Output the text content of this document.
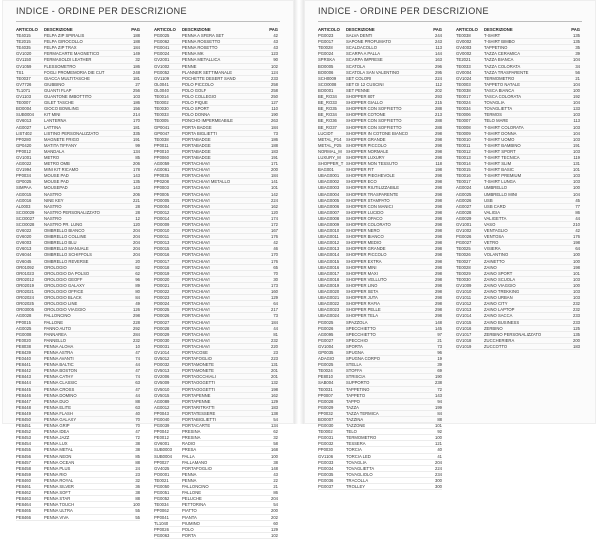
INDICE - ORDINE PER DESCRIZIONE
ARTICOLO	DESCRIZIONE	PAG
TE4015	FELPA ZIP SPIRALIS	188
TE2015	FELPA GIROCOLLO	188
TE4035	FELPA ZIP TRAX	184
GV1020	FERMACARTE MAGNETICO	149
GV1150	FERMASOLDI LEATHER	32
GV1059	FLESSOMETRO	186
TS1	FOGLI PROMEMORIA DIE CUT	248
TE0037	GIACCA MULTITASCHE	181
GV7726	GIUBBINO	27
TL1071	GUANTI FLAP	256
GV1103	GUANTONE IMBOTTITO	103
TE0007	GILET TASCHE	186
BO0004	GIOCO BOWLING	156
SUB0004	KIT MINI	214
GV6013	LANTERNA	170
AG0027	LATTINA	181
LIST402	LISTINO PERSONALIZZATO	335
PP0280	MAGNETE FRIGO	191
GP0420	MATITA TIFFANY	99
PP0012	MANDALA	134
GV1001	METRO	85
AG0022	METRO OMB	206
GV1994	MINI KIT RICAMO	178
PP0034	MOUSE PAD	143
GP0025	MOUSE PAD	135
SIMPAA	MOUSEPAD	143
AG0015	NASTRO	206
AG0016	NINE KEY	221
AL0003	NASTRO	28
SCO0029	NASTRO PERSONALIZZATO	28
SCO0027	NASTRO	12
SCO0028	NASTRO PR. LUNG	120
GV6022	OMBRELLO BIANCO	204
GV6020	OMBRELLO COLLINE	204
GV6003	OMBRELLO BLU	204
GV6013	OMBRELLO MANUALE	204
GV6044	OMBRELLO SCHIFFOLS	204
GV6045	OMBRELLO REVERSE	20
OR01092	OROLOGIO	82
OR01023	OROLOGIO DA POLSO	62
OR02012	OROLOGIO GEOFF	96
OR02019	OROLOGIO GALAXY	89
OR02021	OROLOGIO OFFICE	80
OR02024	OROLOGIO BLACK	84
OR02025	OROLOGIO LINE	49
OR03005	OROLOGIO VIAGGIO	126
AG0028	PALLONCINO	298
PP0015	PALLONE	228
AG0025	PANNO AUTO	292
PG0008	PANNAREA	284
PE0020	PANNELLO	232
PE8038	PENNA ALOHA	10
PE8439	PENNA ASTRA	47
PE0440	PENNA AVANTI	74
PE8441	PENNA BALTIC	44
PE8442	PENNA BOSTON	47
PE8443	PENNA CATHY	74
PE8444	PENNA CLASSIC	63
PE8445	PENNA CROSS	47
PE8446	PENNA DOMINO	44
PE8447	PENNA DUO	88
PE8448	PENNA ELITE	63
PE8449	PENNA FLASH	40
PE8450	PENNA GALAXY	70
PE8451	PENNA GRIP	70
PE8452	PENNA IDEA	47
PE8453	PENNA JAZZ	72
PE8454	PENNA LUX	38
PE8455	PENNA METAL	38
PE8456	PENNA NEON	85
PE8457	PENNA OCEAN	88
PE8458	PENNA PLUS	24
PE8459	PENNA RIO	23
PE8460	PENNA ROYAL	32
PE8461	PENNA SILVER	36
PE8462	PENNA SOFT	38
PE8463	PENNA STAR	88
PE8464	PENNA TOUCH	100
PE8465	PENNA ULTRA	55
PE8466	PENNA VIVA	55
ARTICOLO	DESCRIZIONE	PAG
PG0025	PENNA A SFERA SET	42
PG0062	PENNA ROSSETTO	43
PG0041	PENNA ROSETTO	43
PG0024	PENNA MK	123
GV2001	PENNA METALLICA	90
GV1002	PENNE	102
PG0052	PLANNER SETTIMANALE	124
GV1109	POCHETTE DESERT SAND	233
OL0041	POLO PICCOLO	258
OL0040	POLO GOLF	258
TE0014	POLO COLLEGIO	250
TE0002	POLO PIQUE	127
TE0030	POLO SPORT	110
TE0033	POLO DONNA	190
TE0005	PONCHO IMPERMEABILE	263
GP0041	PORTA BADGE	184
GP0047	PORTA BIGLIETTI	73
TE0038	PORTABADGE	186
PP0011	PORTABADGE	188
PP0010	PORTABADGE	183
PP0060	PORTABADGE	191
AG0059	PORTACHIAVI	171
AG0061	PORTACHIAVI	200
PP0035	PORTACHIAVI	184
PP0208	PORTACHIAVI METALLO	141
PP0003	PORTACHIAVI	101
PP0005	PORTACHIAVI	142
PO0005	PORTACHIAVI	224
PO0004	PORTACHIAVI	162
PO0012	PORTACHIAVI	120
PO0014	PORTACHIAVI	174
PO0009	PORTACHIAVI	172
PO0010	PORTACHIAVI	167
PO0011	PORTACHIAVI	176
PO0013	PORTACHIAVI	42
PO0015	PORTACHIAVI	46
PO0016	PORTACHIAVI	170
PO0017	PORTACHIAVI	176
PO0018	PORTACHIAVI	65
PO0019	PORTACHIAVI	70
PO0020	PORTACHIAVI	30
PO0021	PORTACHIAVI	173
PO0022	PORTACHIAVI	160
PO0023	PORTACHIAVI	129
PO0024	PORTACHIAVI	64
PO0025	PORTACHIAVI	217
PO0026	PORTACHIAVI	73
PO0027	PORTACHIAVI	184
PO0028	PORTACHIAVI	44
PO0029	PORTACHIAVI	81
PO0030	PORTACHIAVI	232
PO0031	PORTACHIAVI	220
GV1014	PORTACOSE	23
GV5012	PORTAFOGLIO	223
PO0032	PORTAMONETE	131
GV5013	PORTAMONETE	201
GV2006	PORTAOCCHIALI	201
GV5009	PORTAOGGETTI	132
GV5010	PORTAOGGETTI	198
GV5015	PORTAPENNE	162
AG0089	PORTAPENNE	129
AG0012	PORTARITRATTI	183
PP0043	PORTATESSERE	138
PG0040	PORTABIGLIETTI	54
PG0039	PORTACARTE	134
PP0042	PRESINA	62
PE0012	PRESINA	32
GV6001	RADIO	58
SUB0003	PRESA	168
SUB0004	PALLA	100
PP0027	PALLAMANO	38
GV4025	PORTAFOGLIO	148
PO0001	PENNA	43
TE0021	PENNA	22
PG0050	PALLONCINO	21
PG0051	PALLONE	86
PG0052	PELUCHE	204
TE0034	PETTORINA	54
PP0062	PIATTO	200
PP0041	PIANTA	202
TL1040	PIUMINO	60
PP0026	POLO	129
PG0063	PORTA	102
INDICE - ORDINE PER DESCRIZIONE
ARTICOLO	DESCRIZIONE	PAG
PG0023	SALVA DENTI	244
PG0017	SAPONE PROFUMATO	243
TE0028	SCALDACOLLO	113
PG0024	SCARPA A PALLA	144
SPRSKA	SCARPA IMPRESE	163
BO0005	SCATOLA	296
BO0006	SCATOLA SAN VALENTINO	295
SCH0009	SET COLORI	224
SCO0008	SET DI 12 CUSCINI	112
BO0001	SET PENNE	202
BE_RO34	SHOPPER 80T	293
BE_RO33	SHOPPER GIALLO	215
BE_RO35	SHOPPER CON SOFFIETTO	288
BE_RO34	SHOPPER COTONE	213
BE_RO36	SHOPPER CON SOFFIETTO	288
BE_RO37	SHOPPER CON SOFFIETTO	288
LUCIDT	SHOPPER IN COTONE BIANCO	298
METAL_P14	SHOPPER GRANDE	298
METAL_P25	SHOPPER PICCOLO	298
NORMAL_M	SHOPPER NORMALE	298
LUXURY_M	SHOPPER LUXURY	298
SHOPPER_T SHOPPER NON TESSUTO	118
BAG001	SHOPPER FIT	198
UBAG0001	SHOPPER PIEGHEVOLE	298
UBAG0002	SHOPPER ECO	298
UBAG0003	SHOPPER RIUTILIZZABILE	298
UBAG0004	SHOPPER TRASPARENTE	298
UBAG0005	SHOPPER STAMPATO	298
UBAG0006	SHOPPER CON MANICI	298
UBAG0007	SHOPPER LUCIDO	298
UBAG0008	SHOPPER OPACO	298
UBAG0009	SHOPPER COLORATO	298
UBAG0010	SHOPPER NERO	298
UBAG0011	SHOPPER BIANCO	298
UBAG0012	SHOPPER MEDIO	298
UBAG0013	SHOPPER GRANDE	298
UBAG0014	SHOPPER PICCOLO	298
UBAG0015	SHOPPER EXTRA	298
UBAG0016	SHOPPER MINI	298
UBAG0017	SHOPPER MAXI	298
UBAG0018	SHOPPER VELLUTO	298
UBAG0019	SHOPPER LINO	298
UBAG0020	SHOPPER SETA	298
UBAG0021	SHOPPER JUTA	298
UBAG0022	SHOPPER RAFIA	298
UBAG0023	SHOPPER PELLE	298
UBAG0024	SHOPPER TELA	298
PG0025	SPAZZOLA	148
PG0026	SPECCHIETTO	145
AG0095	SPECCHIETTO	97
PG0027	SPECCHIO	21
GV1004	SPORTA	73
GP0035	SPUGNA	96
ADAGIO	SPUGNA CORPO	19
PG0025	STELLA	39
TE0024	STOFFA	69
PE8010	STRISCIA	190
SAB004	SUPPORTO	238
TE0031	TAPPETINO	72
PP0007	TAPPETO	143
PG0028	TAPPO	94
PG0029	TAZZA	199
PP0032	TAZZA TERMICA	84
BO0007	TAZZINA	88
PG0030	TAZZONE	101
TE0002	TELO	92
PG0031	TERMOMETRO	100
PG0032	TESSERA	121
PP0030	TORCIA	40
GV1106	TORCIA LED	41
PG0033	TOVAGLIA	204
PG0034	TOVAGLIETTA	224
PG0035	TOVAGLIOLO	234
PG0036	TRACOLLA	300
PG0037	TROLLEY	300
ARTICOLO	DESCRIZIONE	PAG
TE0038	T-SHIRT	135
GV0002	T-SHIRT BIMBO	135
GV4003	TAPPETINO	35
GV0002	TAZZA CERAMICA	39
TE2021	TAZZA BIANCA	104
TE0033	TAZZA COLORATA	34
GV0004	TAZZA TRASPARENTE	56
GV1024	TERMOMETRO	21
TE0003	TAPPETO NATALE	104
TE0038	TASCA BIANCA	100
TE0017	TASCA COLORATA	192
TE0024	TOVAGLIA	104
TE0034	TOVAGLIETTA	133
TE0006	TERMOS	103
TE0007	TELO MARE	113
TE0008	T-SHIRT COLORATA	103
TE0009	T-SHIRT DONNA	104
TE0010	T-SHIRT UOMO	103
TE0011	T-SHIRT BAMBINO	191
TE0012	T-SHIRT SPORT	103
TE0013	T-SHIRT TECNICA	119
TE0014	T-SHIRT SLIM	131
TE0015	T-SHIRT BASIC	101
TE0016	T-SHIRT PREMIUM	103
TE0017	T-SHIRT LUNGA	103
AG0024	UMBRELLO	100
AG0025	UMBRELLO MINI	104
AG0026	USB	45
AG0027	USB CARD	77
AG0028	VALIGIA	86
AG0029	VALIGETTA	44
GV1001	VASO	210
GV1002	VENTAGLIO	42
PG0026	VENTOSA	176
PG0027	VETRO	198
TE0025	VISIERA	64
TE0026	VOLANTINO	100
TE0027	ZAINETTO	100
TE0028	ZAINO	198
TE0029	ZAINO SPORT	101
TE0030	ZAINO SCUOLA	103
GV1009	ZAINO VIAGGIO	100
GV1010	ZAINO TREKKING	103
GV1011	ZAINO URBAN	103
GV1012	ZAINO CITY	232
GV1013	ZAINO LAPTOP	232
GV1014	ZAINO SACCA	233
GV1015	ZAINO BUSINESS	233
GV1016	ZERBINO	125
GV1017	ZERBINO PERSONALIZZATO	135
GV1018	ZUCCHERIERA	200
GV1019	ZUCCOTTO	183
